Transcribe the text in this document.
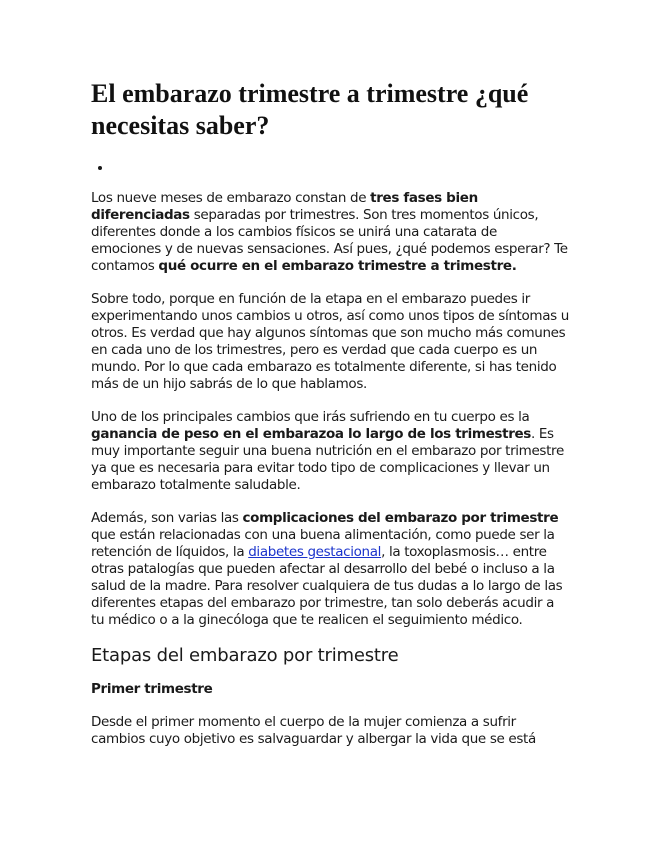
El embarazo trimestre a trimestre ¿qué necesitas saber?
•

Los nueve meses de embarazo constan de tres fases bien diferenciadas separadas por trimestres. Son tres momentos únicos, diferentes donde a los cambios físicos se unirá una catarata de emociones y de nuevas sensaciones. Así pues, ¿qué podemos esperar? Te contamos qué ocurre en el embarazo trimestre a trimestre.

Sobre todo, porque en función de la etapa en el embarazo puedes ir experimentando unos cambios u otros, así como unos tipos de síntomas u otros. Es verdad que hay algunos síntomas que son mucho más comunes en cada uno de los trimestres, pero es verdad que cada cuerpo es un mundo. Por lo que cada embarazo es totalmente diferente, si has tenido más de un hijo sabrás de lo que hablamos.

Uno de los principales cambios que irás sufriendo en tu cuerpo es la ganancia de peso en el embarazoa lo largo de los trimestres. Es muy importante seguir una buena nutrición en el embarazo por trimestre ya que es necesaria para evitar todo tipo de complicaciones y llevar un embarazo totalmente saludable.

Además, son varias las complicaciones del embarazo por trimestre que están relacionadas con una buena alimentación, como puede ser la retención de líquidos, la diabetes gestacional, la toxoplasmosis… entre otras patalogías que pueden afectar al desarrollo del bebé o incluso a la salud de la madre. Para resolver cualquiera de tus dudas a lo largo de las diferentes etapas del embarazo por trimestre, tan solo deberás acudir a tu médico o a la ginecóloga que te realicen el seguimiento médico.

Etapas del embarazo por trimestre
Primer trimestre

Desde el primer momento el cuerpo de la mujer comienza a sufrir cambios cuyo objetivo es salvaguardar y albergar la vida que se está
